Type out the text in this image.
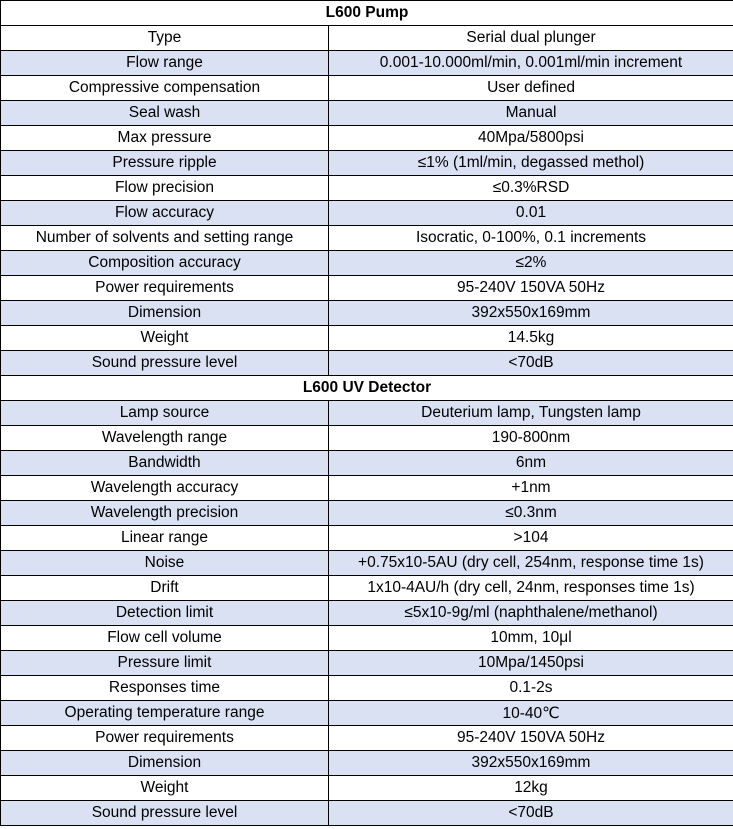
L600 Pump	
Type	Serial dual plunger
Flow range	0.001-10.000ml/min, 0.001ml/min increment
Compressive compensation	User defined
Seal wash	Manual
Max pressure	40Mpa/5800psi
Pressure ripple	≤1% (1ml/min, degassed methol)
Flow precision	≤0.3%RSD
Flow accuracy	0.01
Number of solvents and setting range	Isocratic, 0-100%, 0.1 increments
Composition accuracy	≤2%
Power requirements	95-240V 150VA 50Hz
Dimension	392x550x169mm
Weight	14.5kg
Sound pressure level	<70dB
L600 UV Detector	
Lamp source	Deuterium lamp, Tungsten lamp
Wavelength range	190-800nm
Bandwidth	6nm
Wavelength accuracy	+1nm
Wavelength precision	≤0.3nm
Linear range	>104
Noise	+0.75x10-5AU (dry cell, 254nm, response time 1s)
Drift	1x10-4AU/h (dry cell, 24nm, responses time 1s)
Detection limit	≤5x10-9g/ml (naphthalene/methanol)
Flow cell volume	10mm, 10μl
Pressure limit	10Mpa/1450psi
Responses time	0.1-2s
Operating temperature range	10-40℃
Power requirements	95-240V 150VA 50Hz
Dimension	392x550x169mm
Weight	12kg
Sound pressure level	<70dB
